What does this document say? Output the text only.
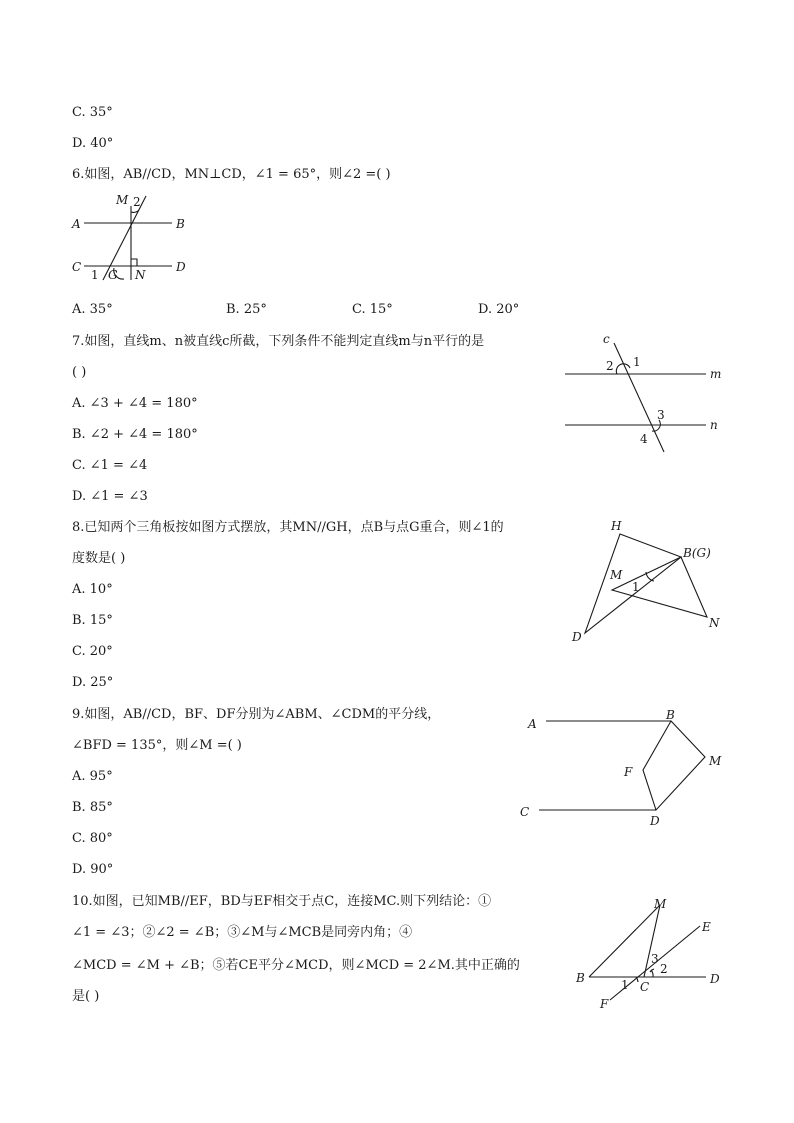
C. 35°
D. 40°
6.如图，AB//CD，MN⊥CD，∠1 = 65°，则∠2 =( )
M 2
A	B
C
1 G N
D
A. 35°	B. 25°	C. 15°	D. 20°
7.如图，直线m、n被直线c所截，下列条件不能判定直线m与n平行的是
( )
A. ∠3 + ∠4 = 180°
B. ∠2 + ∠4 = 180°
C. ∠1 = ∠4
D. ∠1 = ∠3
c
1
2
m
3
4
n
8.已知两个三角板按如图方式摆放，其MN//GH，点B与点G重合，则∠1的
度数是( )
A. 10°
B. 15°
C. 20°
D. 25°
H
B(G)
M
1
D
N
9.如图，AB//CD，BF、DF分别为∠ABM、∠CDM的平分线，
∠BFD = 135°，则∠M =( )
A. 95°
B. 85°
C. 80°
D. 90°
A
B
M
F
C
D
10.如图，已知MB//EF，BD与EF相交于点C，连接MC.则下列结论：①
∠1 = ∠3；②∠2 = ∠B；③∠M与∠MCB是同旁内角；④
∠MCD = ∠M + ∠B；⑤若CE平分∠MCD，则∠MCD = 2∠M.其中正确的
是( )
M
E
3
2
B	1 C
D
F
